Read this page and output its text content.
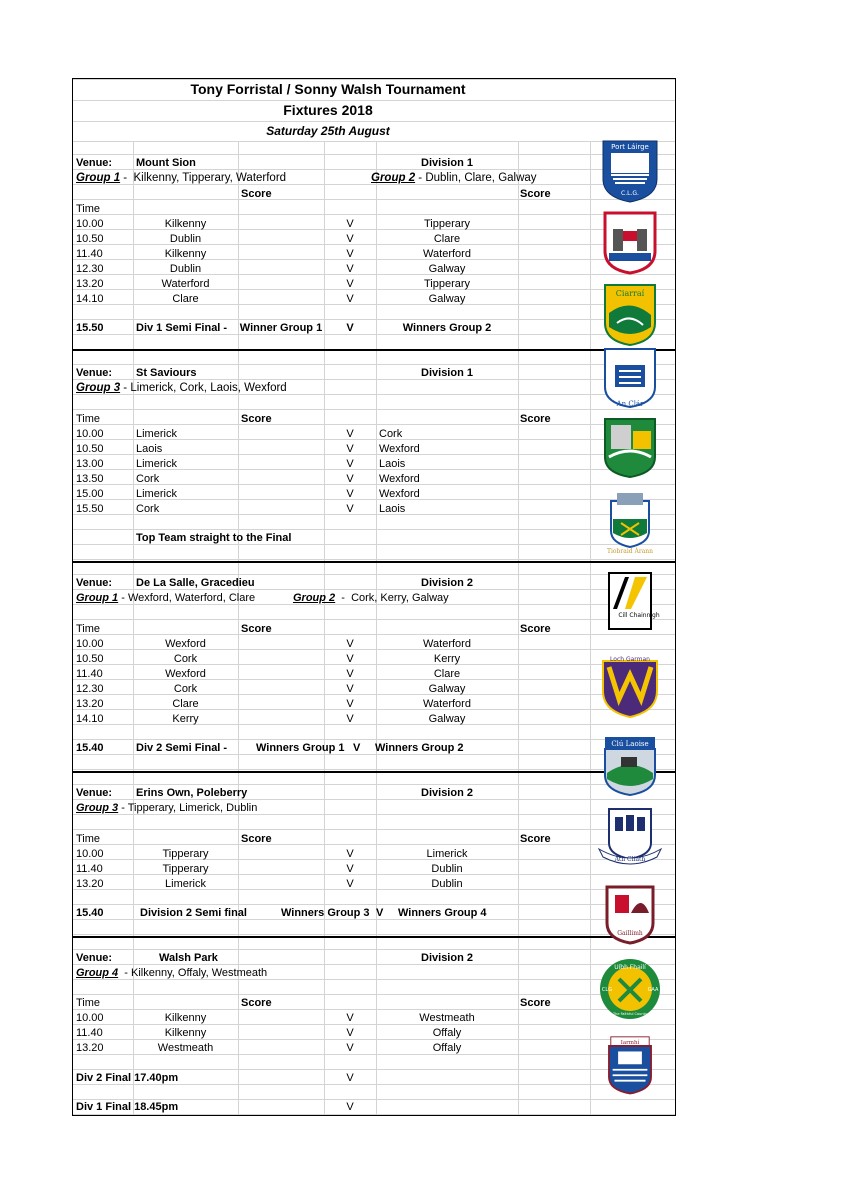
Tony Forristal / Sonny Walsh Tournament
Fixtures 2018
Saturday 25th August
Venue: Mount Sion	Division 1
Group 1 -  Kilkenny, Tipperary, Waterford	Group 2 - Dublin, Clare, Galway
Score	Score
Time
10.00	Kilkenny	V	Tipperary
10.50	Dublin	V	Clare
11.40	Kilkenny	V	Waterford
12.30	Dublin	V	Galway
13.20	Waterford	V	Tipperary
14.10	Clare	V	Galway
15.50	Div 1 Semi Final - Winner Group 1	V	Winners Group 2
Venue: St Saviours	Division 1
Group 3 - Limerick, Cork, Laois, Wexford
Time	Score	Score
10.00	Limerick	V	Cork
10.50	Laois	V	Wexford
13.00	Limerick	V	Laois
13.50	Cork	V	Wexford
15.00	Limerick	V	Wexford
15.50	Cork	V	Laois
Top Team straight to the Final
Venue: De La Salle, Gracedieu	Division 2
Group 1 - Wexford, Waterford, Clare	Group 2  -  Cork, Kerry, Galway
Time	Score	Score
10.00	Wexford	V	Waterford
10.50	Cork	V	Kerry
11.40	Wexford	V	Clare
12.30	Cork	V	Galway
13.20	Clare	V	Waterford
14.10	Kerry	V	Galway
15.40	Div 2 Semi Final -	Winners Group 1 V Winners Group 2
Venue: Erins Own, Poleberry	Division 2
Group 3 - Tipperary, Limerick, Dublin
Time	Score	Score
10.00	Tipperary	V	Limerick
11.40	Tipperary	V	Dublin
13.20	Limerick	V	Dublin
15.40	Division 2 Semi final	Winners Group 3 V Winners Group 4
Venue:	Walsh Park	Division 2
Group 4  - Kilkenny, Offaly, Westmeath
Time	Score	Score
10.00	Kilkenny	V	Westmeath
11.40	Kilkenny	V	Offaly
13.20	Westmeath	V	Offaly
Div 2 Final 17.40pm	V
Div 1 Final 18.45pm	V
Port Láirge
C.L.G.
Ciarraí
An Clár
Tiobraid Árann
Cill Chainnigh
Loch Garman
Clú Laoise
Áth Cliath
Gaillimh
Uíbh Fhailí
CLG	GAA
The Faithful County
Iarmhí
